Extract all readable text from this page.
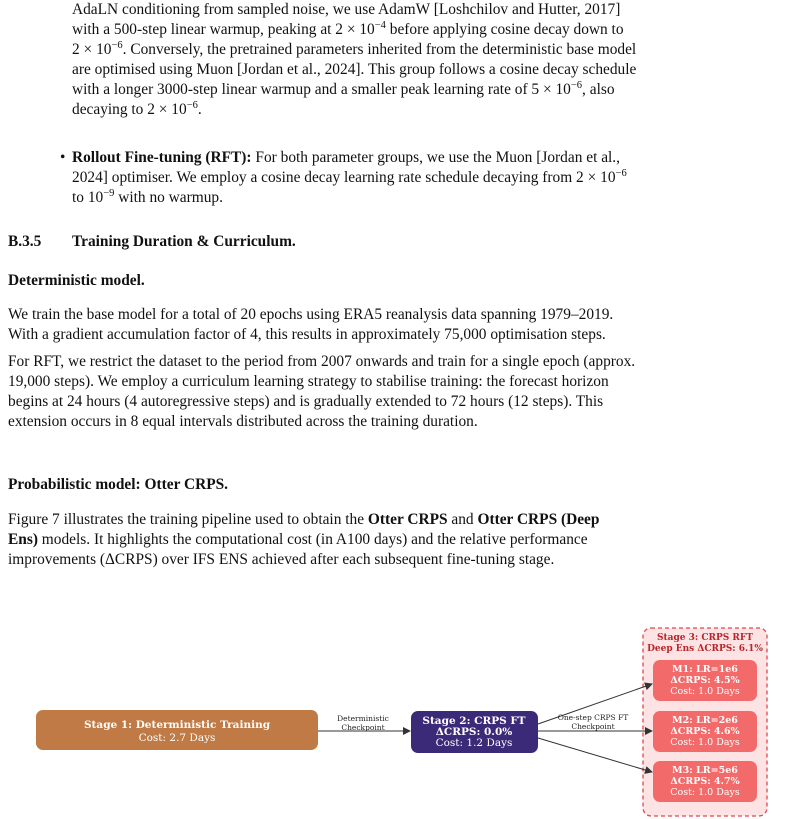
AdaLN conditioning from sampled noise, we use AdamW [Loshchilov and Hutter, 2017]

with a 500-step linear warmup, peaking at $2 \times 10^{-4}$ before applying cosine decay down to

$2 \times 10^{-6}$. Conversely, the pretrained parameters inherited from the deterministic base model

are optimised using Muon [Jordan et al., 2024]. This group follows a cosine decay schedule

with a longer 3000-step linear warmup and a smaller peak learning rate of $5 \times 10^{-6}$, also

decaying to $2 \times 10^{-6}$.

• Rollout Fine-tuning (RFT): For both parameter groups, we use the Muon [Jordan et al.,

2024] optimiser. We employ a cosine decay learning rate schedule decaying from $2 \times 10^{-6}$

to $10^{-9}$ with no warmup.

B.3.5 Training Duration & Curriculum.
Deterministic model.

We train the base model for a total of 20 epochs using ERA5 reanalysis data spanning 1979–2019.

With a gradient accumulation factor of 4, this results in approximately 75,000 optimisation steps.

For RFT, we restrict the dataset to the period from 2007 onwards and train for a single epoch (approx.

19,000 steps). We employ a curriculum learning strategy to stabilise training: the forecast horizon

begins at 24 hours (4 autoregressive steps) and is gradually extended to 72 hours (12 steps). This

extension occurs in 8 equal intervals distributed across the training duration.

Probabilistic model: Otter CRPS.

Figure 7 illustrates the training pipeline used to obtain the Otter CRPS and Otter CRPS (Deep

Ens) models. It highlights the computational cost (in A100 days) and the relative performance

improvements (ΔCRPS) over IFS ENS achieved after each subsequent fine-tuning stage.

Stage 3: CRPS RFT
Deep Ens ΔCRPS: 6.1%
Stage 1: Deterministic Training
Cost: 2.7 Days
Deterministic
Checkpoint
Stage 2: CRPS FT
ΔCRPS: 0.0%
Cost: 1.2 Days
One-step CRPS FT
Checkpoint
M1: LR=1e6
ΔCRPS: 4.5%
Cost: 1.0 Days
M2: LR=2e6
ΔCRPS: 4.6%
Cost: 1.0 Days
M3: LR=5e6
ΔCRPS: 4.7%
Cost: 1.0 Days
